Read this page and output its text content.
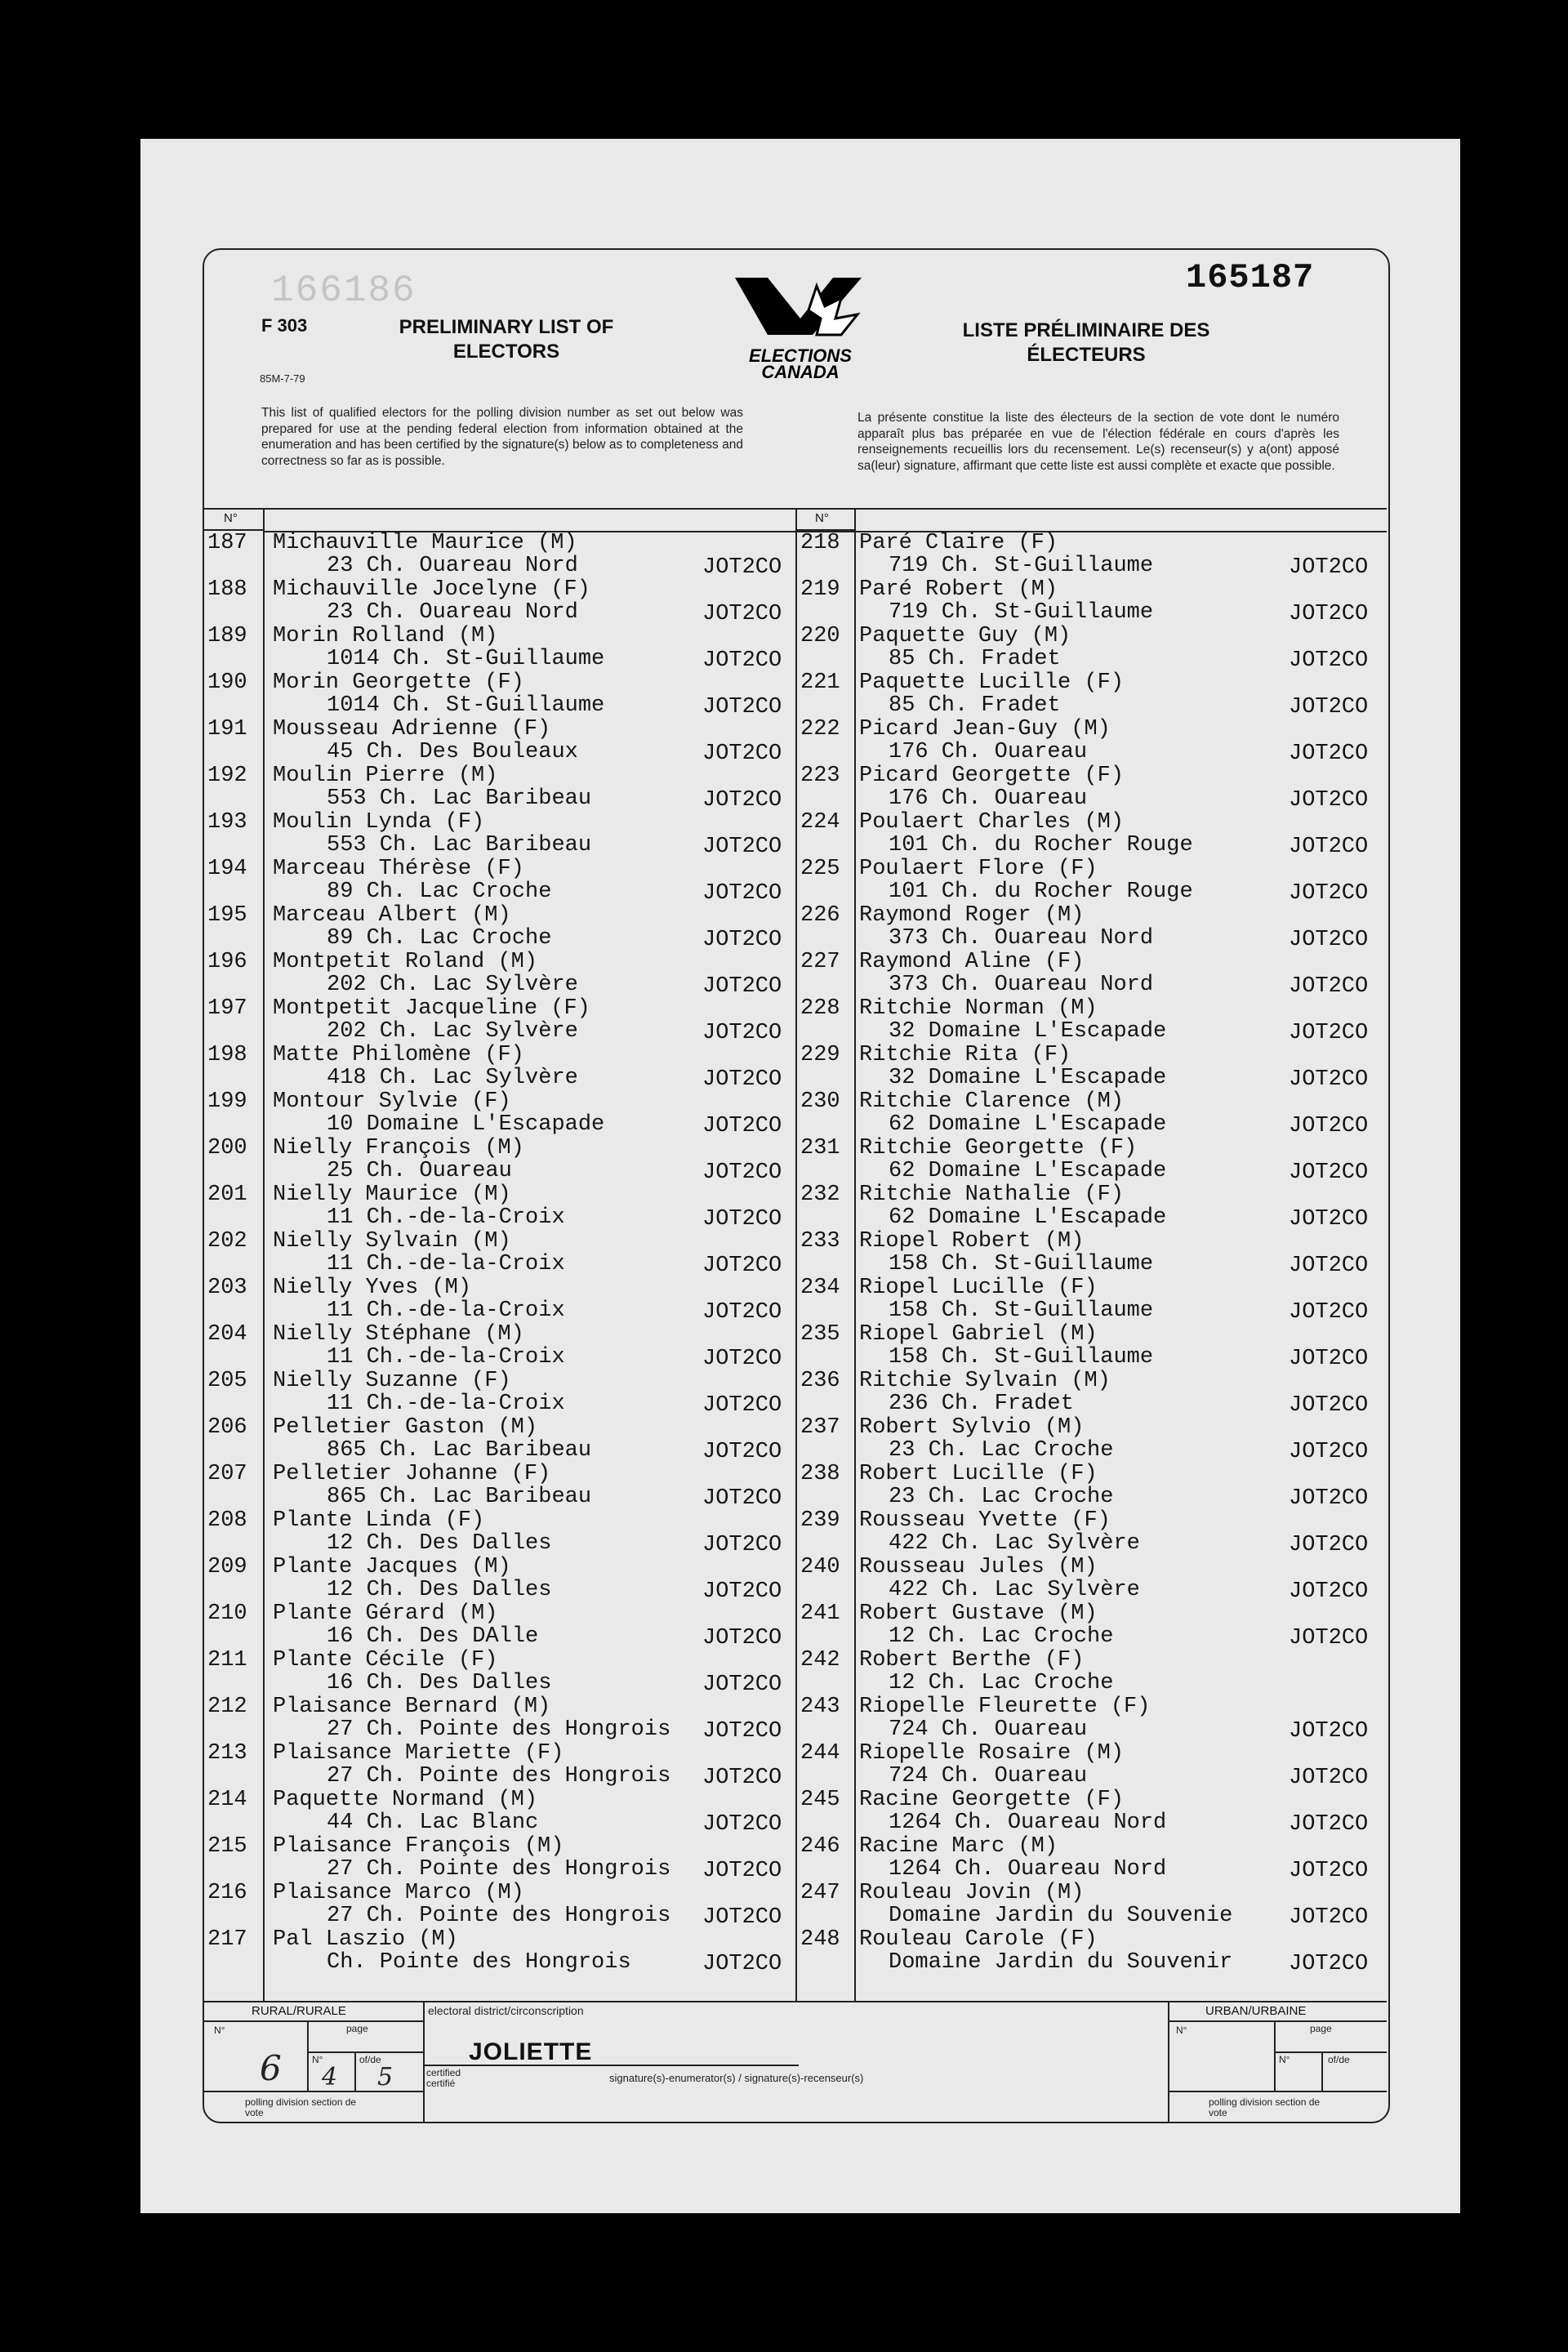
166186	165187
F 303
85M-7-79
PRELIMINARY LIST OF ELECTORS
LISTE PRÉLIMINAIRE DES ÉLECTEURS
ELECTIONS
CANADA
This list of qualified electors for the polling division number as set out below was prepared for use at the pending federal election from information obtained at the enumeration and has been certified by the signature(s) below as to completeness and correctness so far as is possible.
La présente constitue la liste des électeurs de la section de vote dont le numéro apparaît plus bas préparée en vue de l'élection fédérale en cours d'après les renseignements recueillis lors du recensement. Le(s) recenseur(s) y a(ont) apposé sa(leur) signature, affirmant que cette liste est aussi complète et exacte que possible.
N°	N°
187 Michauville Maurice (M)
23 Ch. Ouareau Nord	JOT2CO
188 Michauville Jocelyne (F)
23 Ch. Ouareau Nord	JOT2CO
189 Morin Rolland (M)
1014 Ch. St-Guillaume	JOT2CO
190 Morin Georgette (F)
1014 Ch. St-Guillaume	JOT2CO
191 Mousseau Adrienne (F)
45 Ch. Des Bouleaux	JOT2CO
192 Moulin Pierre (M)
553 Ch. Lac Baribeau	JOT2CO
193 Moulin Lynda (F)
553 Ch. Lac Baribeau	JOT2CO
194 Marceau Thérèse (F)
89 Ch. Lac Croche	JOT2CO
195 Marceau Albert (M)
89 Ch. Lac Croche	JOT2CO
196 Montpetit Roland (M)
202 Ch. Lac Sylvère	JOT2CO
197 Montpetit Jacqueline (F)
202 Ch. Lac Sylvère	JOT2CO
198 Matte Philomène (F)
418 Ch. Lac Sylvère	JOT2CO
199 Montour Sylvie (F)
10 Domaine L'Escapade	JOT2CO
200 Nielly François (M)
25 Ch. Ouareau	JOT2CO
201 Nielly Maurice (M)
11 Ch.-de-la-Croix	JOT2CO
202 Nielly Sylvain (M)
11 Ch.-de-la-Croix	JOT2CO
203 Nielly Yves (M)
11 Ch.-de-la-Croix	JOT2CO
204 Nielly Stéphane (M)
11 Ch.-de-la-Croix	JOT2CO
205 Nielly Suzanne (F)
11 Ch.-de-la-Croix	JOT2CO
206 Pelletier Gaston (M)
865 Ch. Lac Baribeau	JOT2CO
207 Pelletier Johanne (F)
865 Ch. Lac Baribeau	JOT2CO
208 Plante Linda (F)
12 Ch. Des Dalles	JOT2CO
209 Plante Jacques (M)
12 Ch. Des Dalles	JOT2CO
210 Plante Gérard (M)
16 Ch. Des DAlle	JOT2CO
211 Plante Cécile (F)
16 Ch. Des Dalles	JOT2CO
212 Plaisance Bernard (M)
27 Ch. Pointe des Hongrois JOT2CO
213 Plaisance Mariette (F)
27 Ch. Pointe des Hongrois JOT2CO
214 Paquette Normand (M)
44 Ch. Lac Blanc	JOT2CO
215 Plaisance François (M)
27 Ch. Pointe des Hongrois JOT2CO
216 Plaisance Marco (M)
27 Ch. Pointe des Hongrois JOT2CO
217 Pal Laszio (M)
Ch. Pointe des Hongrois	JOT2CO
218 Paré Claire (F)
719 Ch. St-Guillaume	JOT2CO
219 Paré Robert (M)
719 Ch. St-Guillaume	JOT2CO
220 Paquette Guy (M)
85 Ch. Fradet	JOT2CO
221 Paquette Lucille (F)
85 Ch. Fradet	JOT2CO
222 Picard Jean-Guy (M)
176 Ch. Ouareau	JOT2CO
223 Picard Georgette (F)
176 Ch. Ouareau	JOT2CO
224 Poulaert Charles (M)
101 Ch. du Rocher Rouge	JOT2CO
225 Poulaert Flore (F)
101 Ch. du Rocher Rouge	JOT2CO
226 Raymond Roger (M)
373 Ch. Ouareau Nord	JOT2CO
227 Raymond Aline (F)
373 Ch. Ouareau Nord	JOT2CO
228 Ritchie Norman (M)
32 Domaine L'Escapade	JOT2CO
229 Ritchie Rita (F)
32 Domaine L'Escapade	JOT2CO
230 Ritchie Clarence (M)
62 Domaine L'Escapade	JOT2CO
231 Ritchie Georgette (F)
62 Domaine L'Escapade	JOT2CO
232 Ritchie Nathalie (F)
62 Domaine L'Escapade	JOT2CO
233 Riopel Robert (M)
158 Ch. St-Guillaume	JOT2CO
234 Riopel Lucille (F)
158 Ch. St-Guillaume	JOT2CO
235 Riopel Gabriel (M)
158 Ch. St-Guillaume	JOT2CO
236 Ritchie Sylvain (M)
236 Ch. Fradet	JOT2CO
237 Robert Sylvio (M)
23 Ch. Lac Croche	JOT2CO
238 Robert Lucille (F)
23 Ch. Lac Croche	JOT2CO
239 Rousseau Yvette (F)
422 Ch. Lac Sylvère	JOT2CO
240 Rousseau Jules (M)
422 Ch. Lac Sylvère	JOT2CO
241 Robert Gustave (M)
12 Ch. Lac Croche	JOT2CO
242 Robert Berthe (F)
12 Ch. Lac Croche
243 Riopelle Fleurette (F)
724 Ch. Ouareau	JOT2CO
244 Riopelle Rosaire (M)
724 Ch. Ouareau	JOT2CO
245 Racine Georgette (F)
1264 Ch. Ouareau Nord	JOT2CO
246 Racine Marc (M)
1264 Ch. Ouareau Nord	JOT2CO
247 Rouleau Jovin (M)
Domaine Jardin du Souvenie	JOT2CO
248 Rouleau Carole (F)
Domaine Jardin du Souvenir	JOT2CO
RURAL/RURALE	URBAN/URBAINE
electoral district/circonscription
JOLIETTE
N°	page
N°	of/de
6 4 5
polling division section de vote
certified certifié	signature(s)-enumerator(s) / signature(s)-recenseur(s)
N°	page
N°	of/de
polling division section de vote
